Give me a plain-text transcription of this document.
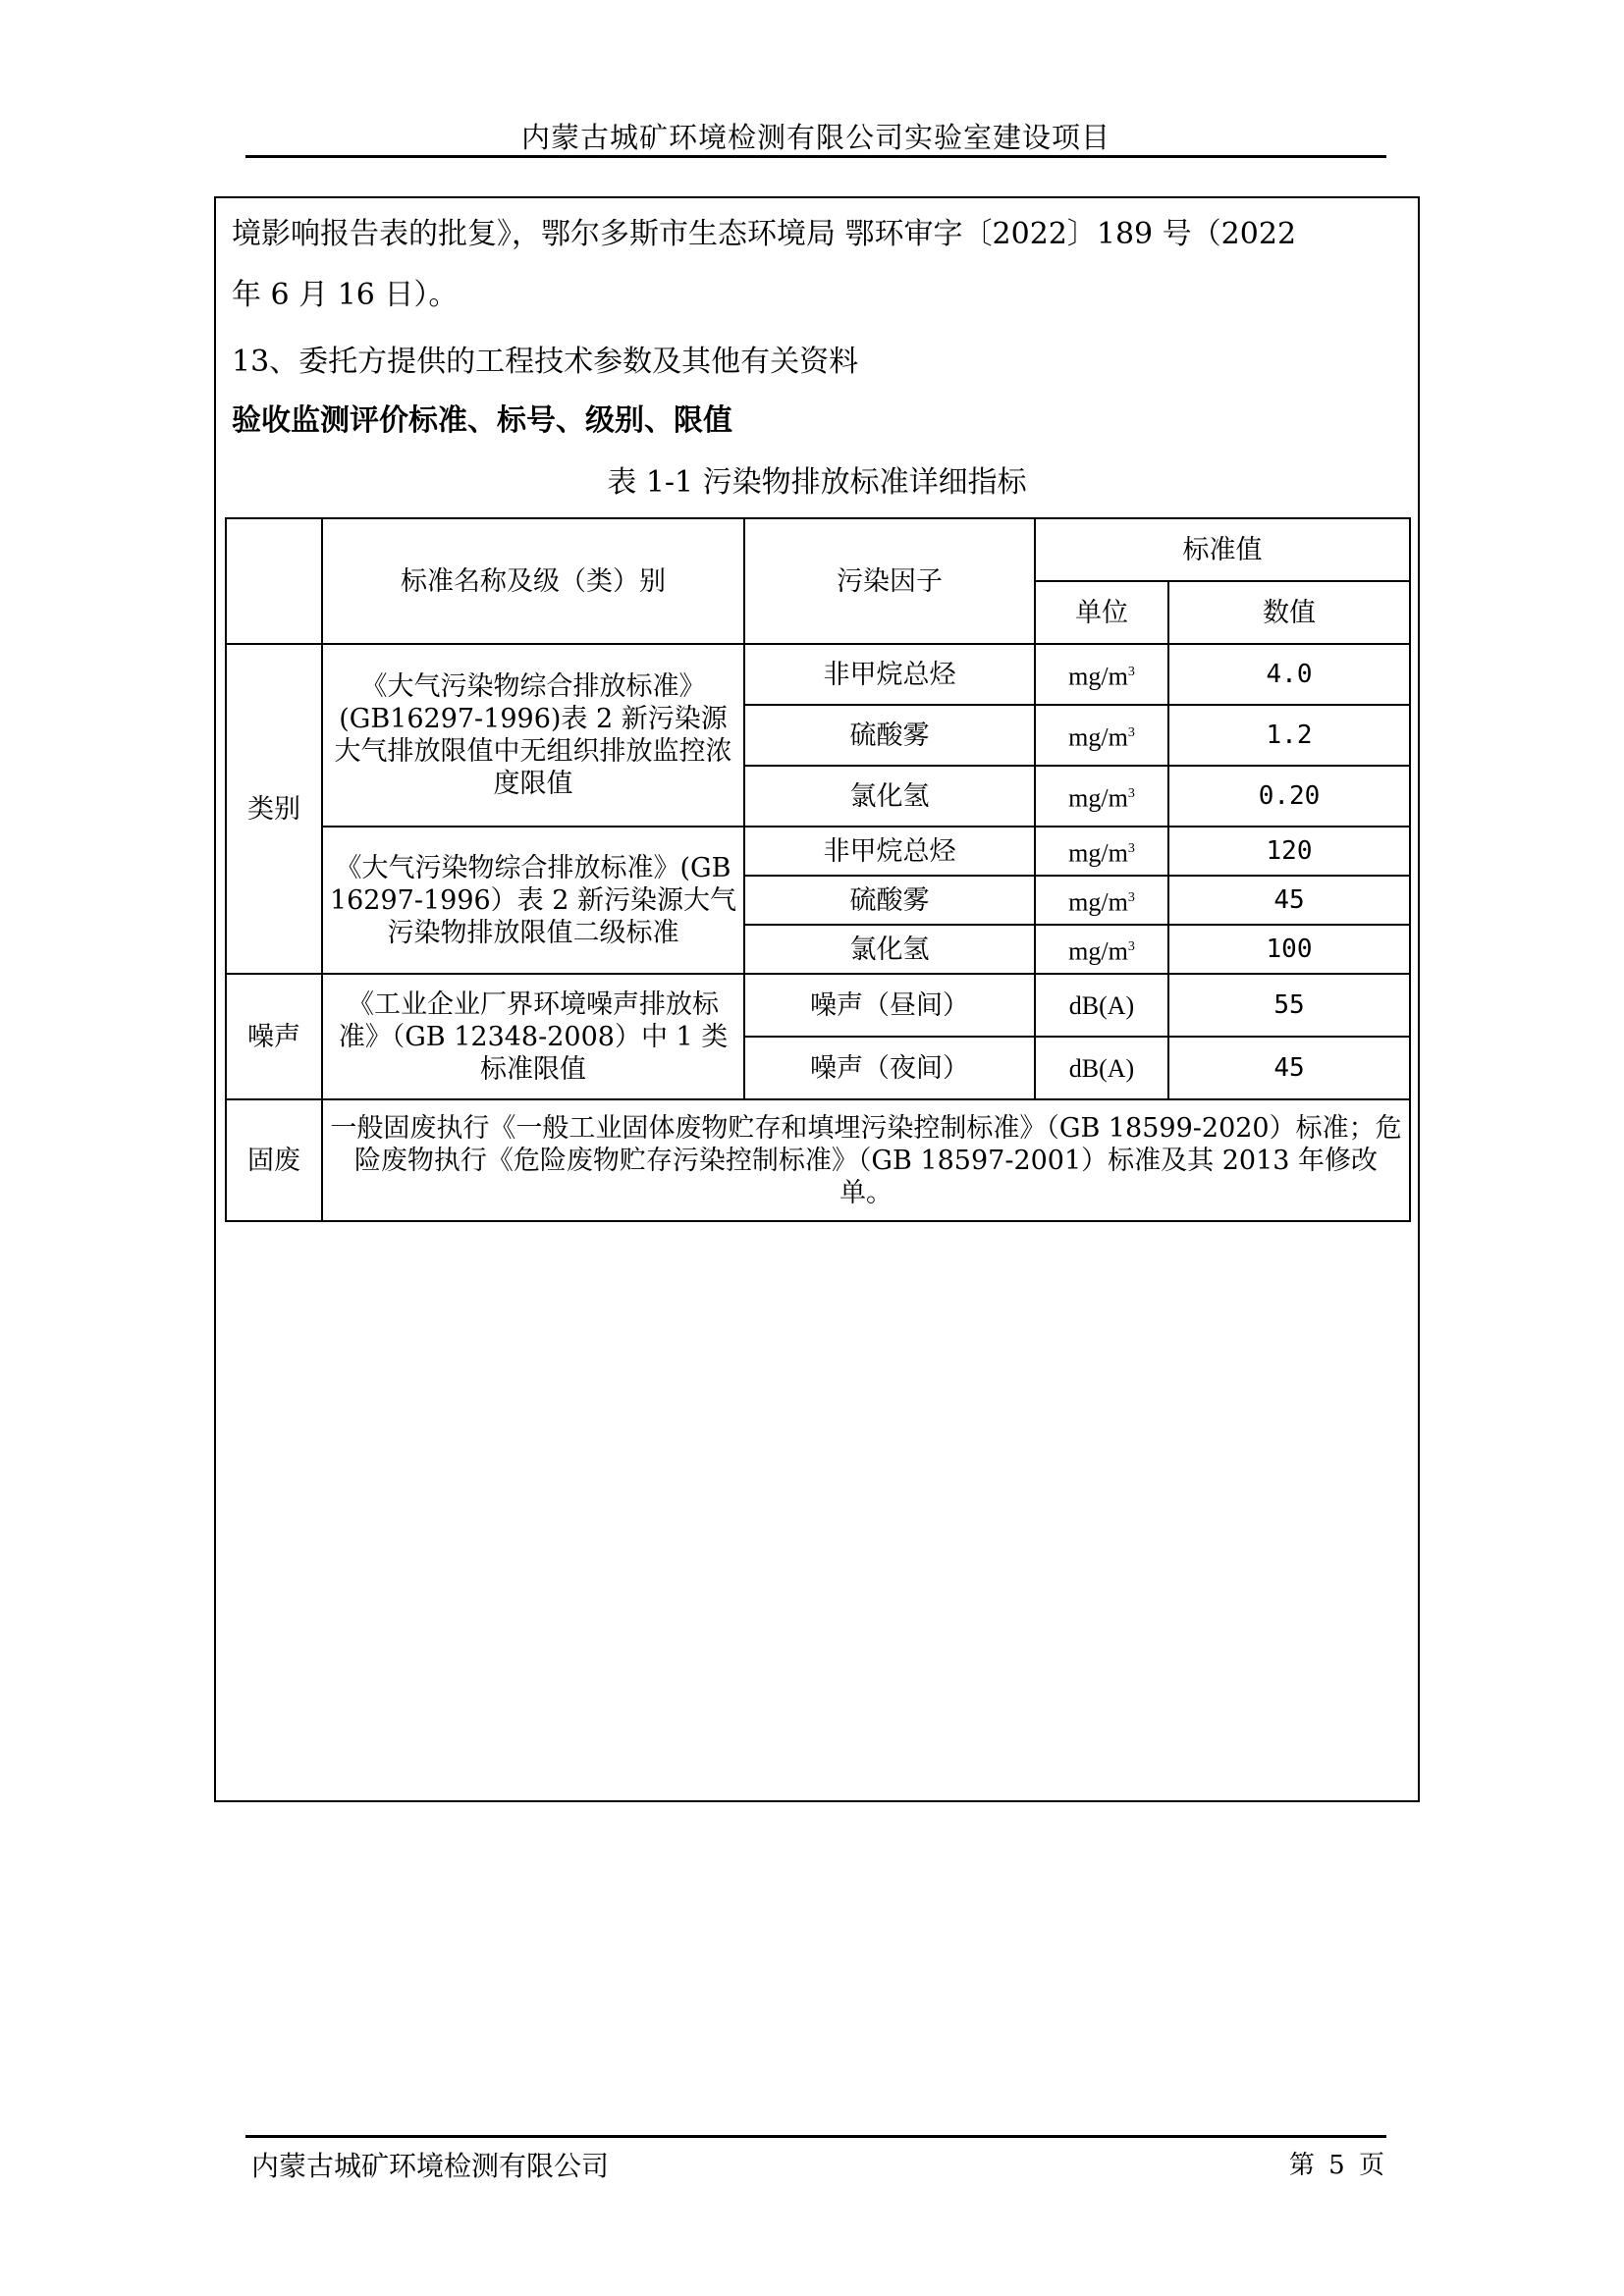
内蒙古城矿环境检测有限公司实验室建设项目
境影响报告表的批复》，鄂尔多斯市生态环境局 鄂环审字〔2022〕189 号（2022
年 6 月 16 日）。
13、委托方提供的工程技术参数及其他有关资料
验收监测评价标准、标号、级别、限值
表 1-1 污染物排放标准详细指标
	标准名称及级（类）别	污染因子	标准值	
			单位	数值
类别	《大气污染物综合排放标准》(GB16297-1996)表 2 新污染源大气排放限值中无组织排放监控浓度限值	非甲烷总烃	$mg/m^3$	4.0
		硫酸雾	$mg/m^3$	1.2
		氯化氢	$mg/m^3$	0.20
	《大气污染物综合排放标准》(GB 16297-1996）表 2 新污染源大气污染物排放限值二级标准	非甲烷总烃	$mg/m^3$	120
		硫酸雾	$mg/m^3$	45
		氯化氢	$mg/m^3$	100
噪声	《工业企业厂界环境噪声排放标准》（GB 12348-2008）中 1 类标准限值	噪声（昼间）	dB(A)	55
		噪声（夜间）	dB(A)	45
固废	一般固废执行《一般工业固体废物贮存和填埋污染控制标准》（GB 18599-2020）标准；危险废物执行《危险废物贮存污染控制标准》（GB 18597-2001）标准及其 2013 年修改单。			
内蒙古城矿环境检测有限公司	第 5 页
